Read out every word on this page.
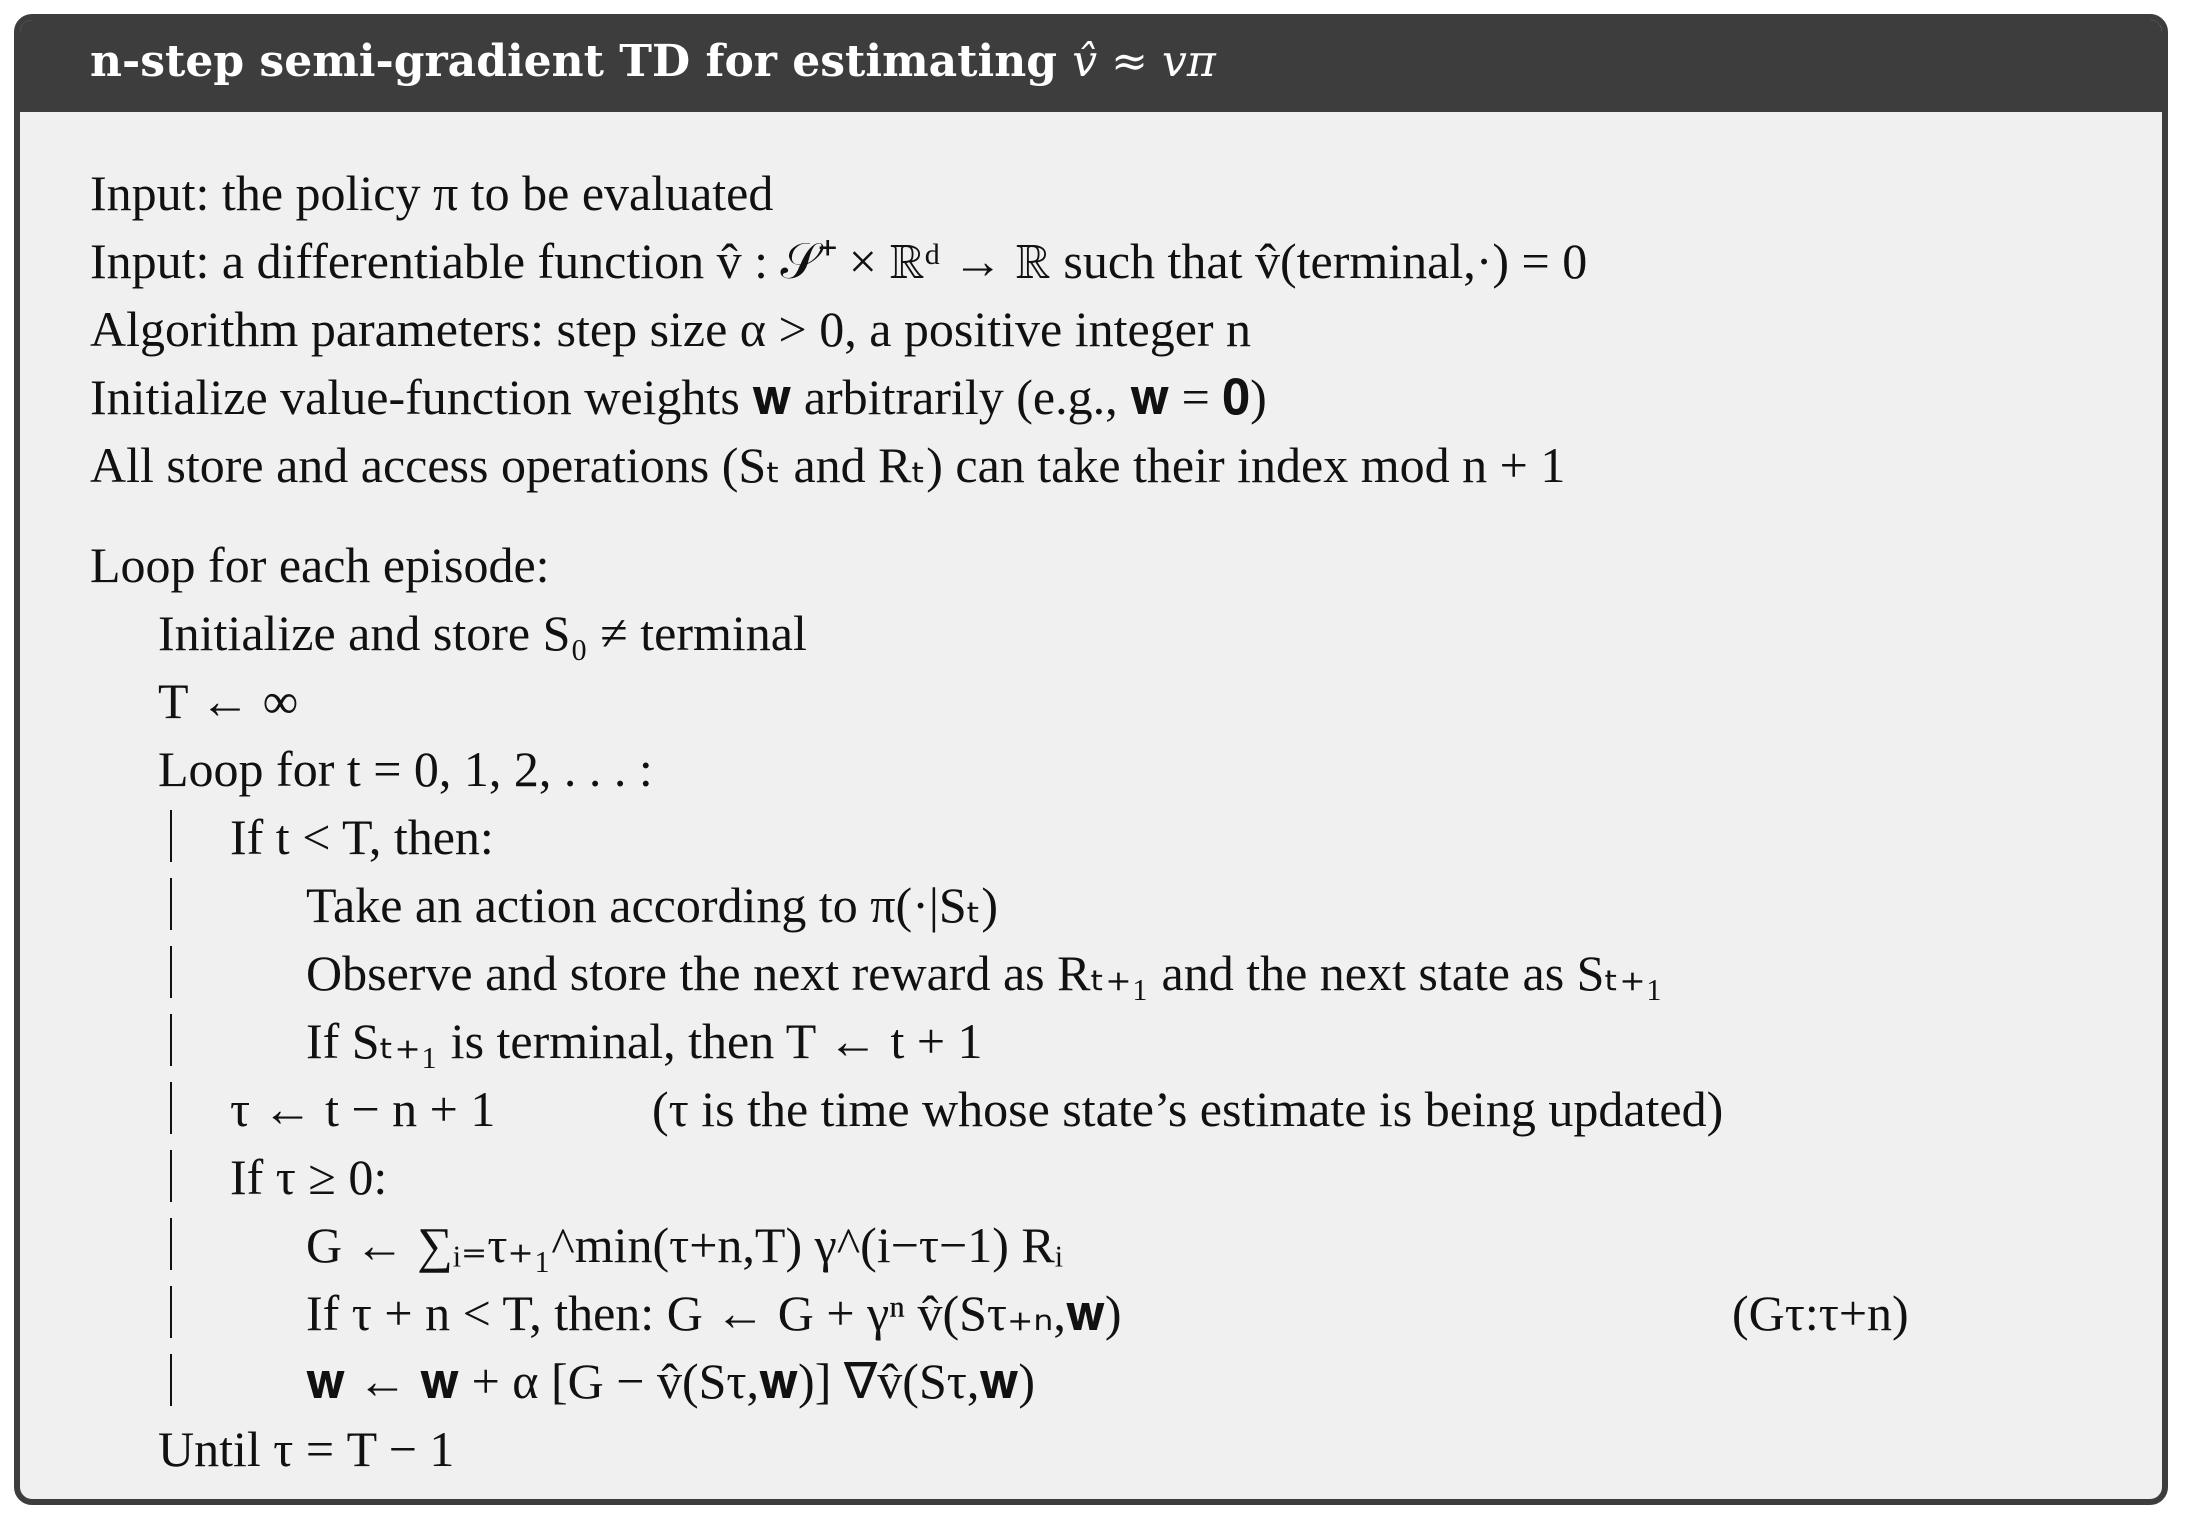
n-step semi-gradient TD for estimating v̂ ≈ vπ
Input: the policy π to be evaluated
Input: a differentiable function v̂ : 𝒮⁺ × ℝᵈ → ℝ such that v̂(terminal,·) = 0
Algorithm parameters: step size α > 0, a positive integer n
Initialize value-function weights 𝐰 arbitrarily (e.g., 𝐰 = 𝟎)
All store and access operations (Sₜ and Rₜ) can take their index mod n + 1
Loop for each episode:
Initialize and store S₀ ≠ terminal
T ← ∞
Loop for t = 0, 1, 2, . . . :
If t < T, then:
Take an action according to π(·|Sₜ)
Observe and store the next reward as Rₜ₊₁ and the next state as Sₜ₊₁
If Sₜ₊₁ is terminal, then T ← t + 1
τ ← t − n + 1	(τ is the time whose state’s estimate is being updated)
If τ ≥ 0:
G ← ∑ᵢ₌τ₊₁^min(τ+n,T) γ^(i−τ−1) Rᵢ
If τ + n < T, then: G ← G + γⁿ v̂(Sτ₊ₙ,𝐰)	(Gτ:τ+n)
𝐰 ← 𝐰 + α [G − v̂(Sτ,𝐰)] ∇v̂(Sτ,𝐰)
Until τ = T − 1
